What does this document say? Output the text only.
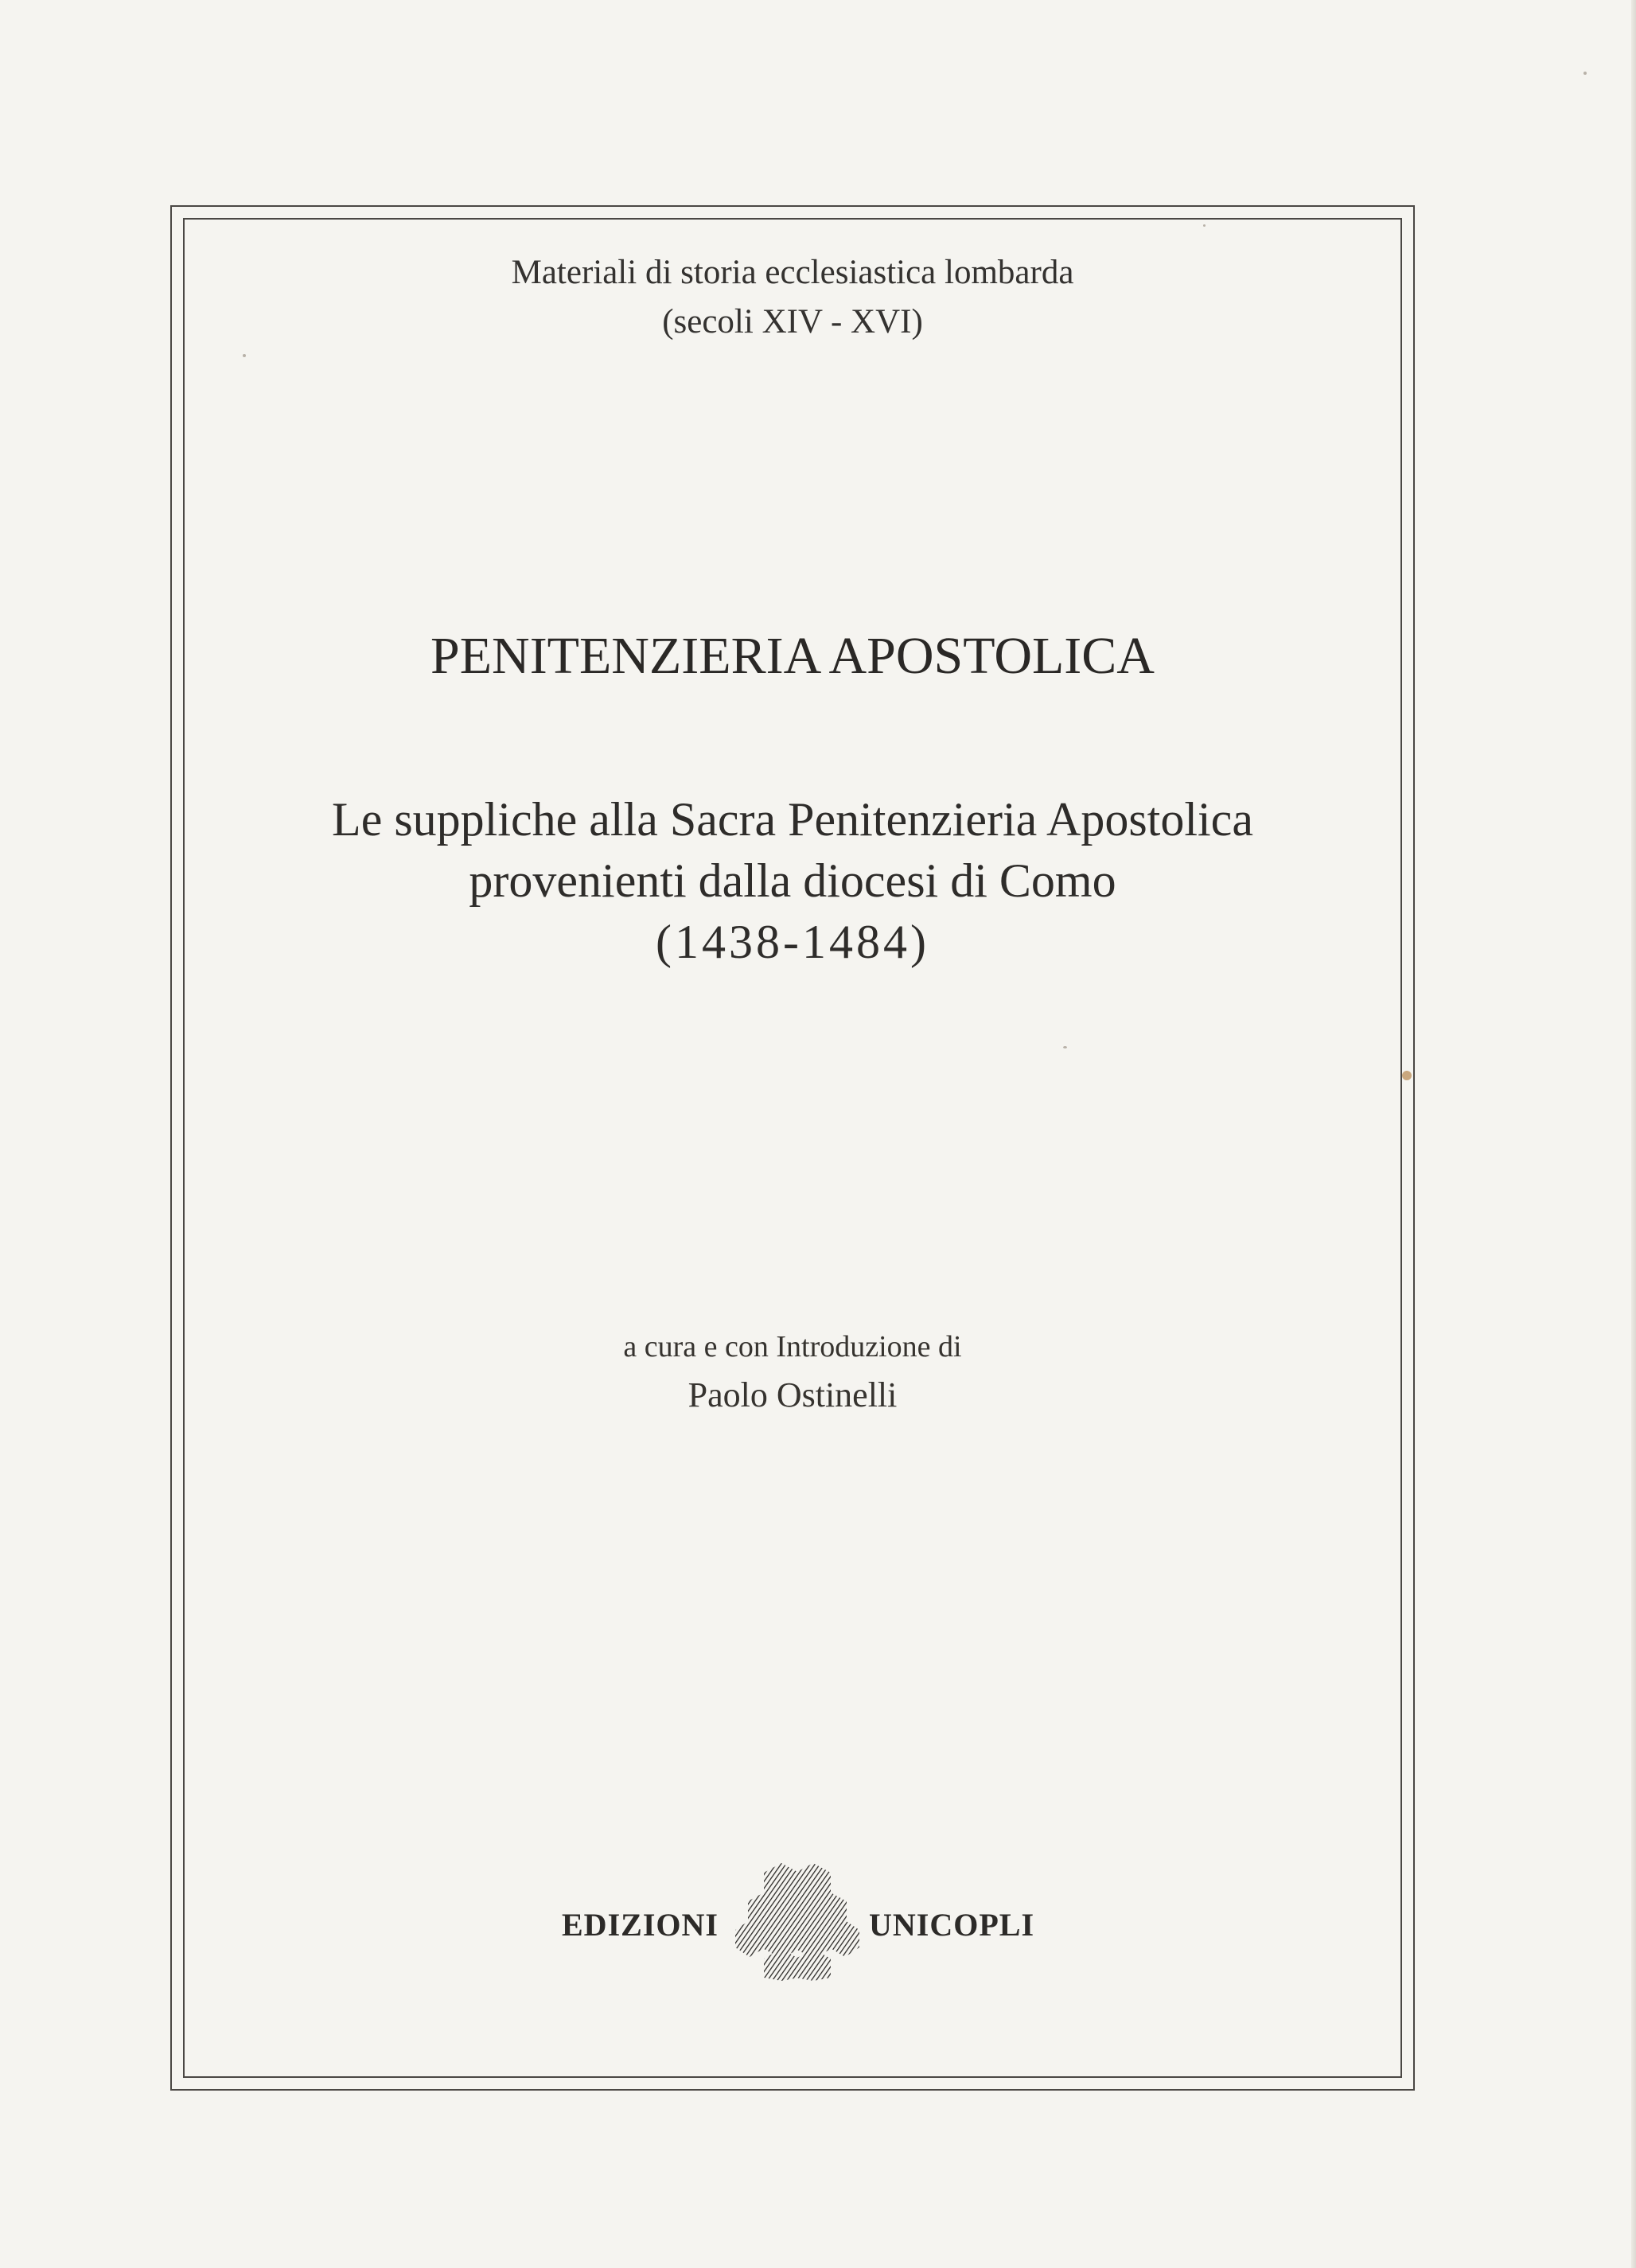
Materiali di storia ecclesiastica lombarda
(secoli XIV - XVI)
PENITENZIERIA APOSTOLICA
Le suppliche alla Sacra Penitenzieria Apostolica
provenienti dalla diocesi di Como
(1438-1484)
a cura e con Introduzione di
Paolo Ostinelli
EDIZIONI	UNICOPLI
